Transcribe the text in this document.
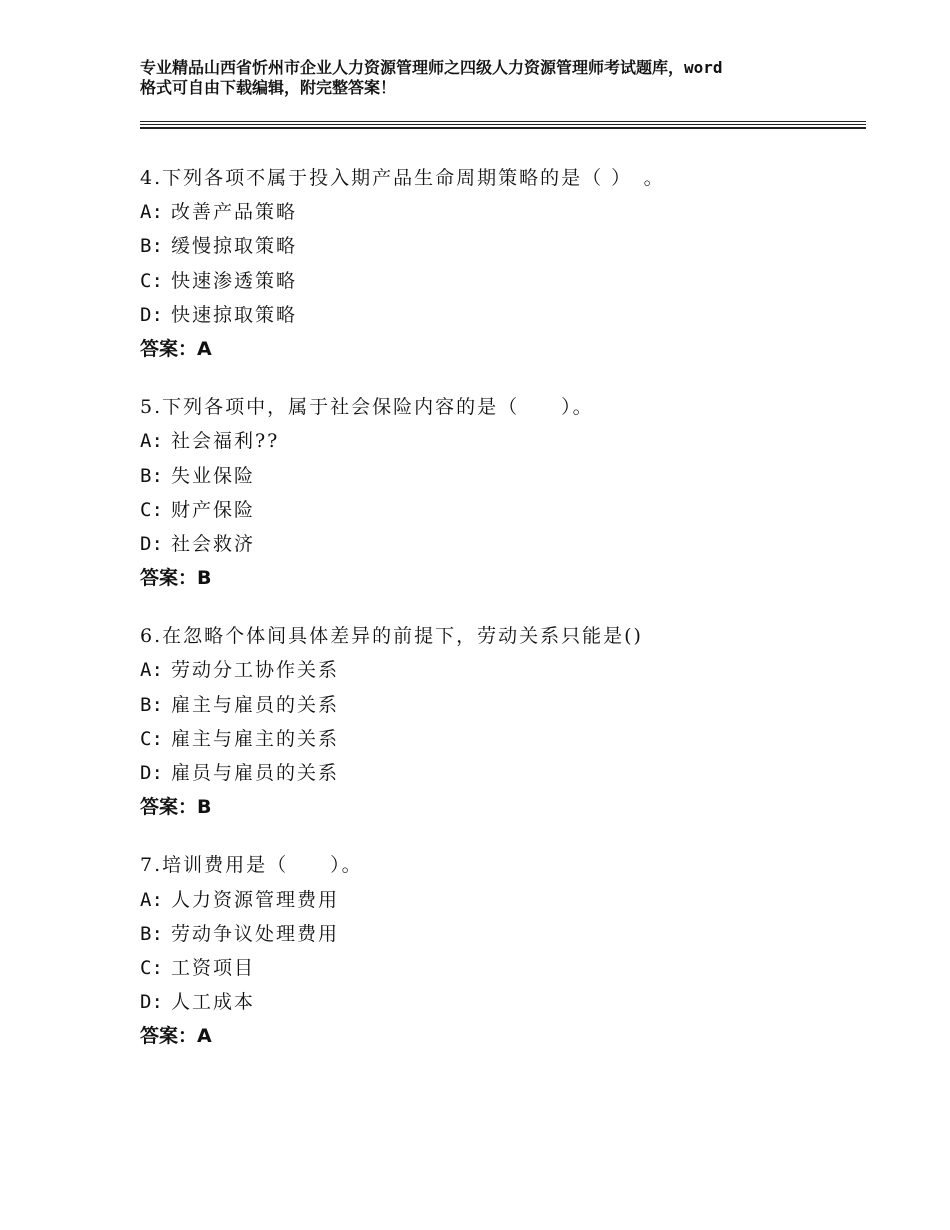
专业精品山西省忻州市企业人力资源管理师之四级人力资源管理师考试题库，word
格式可自由下载编辑，附完整答案！
4.下列各项不属于投入期产品生命周期策略的是（ ）　。
A: 改善产品策略
B: 缓慢掠取策略
C: 快速渗透策略
D: 快速掠取策略
答案：A
5.下列各项中，属于社会保险内容的是（　　）。
A: 社会福利??
B: 失业保险
C: 财产保险
D: 社会救济
答案：B
6.在忽略个体间具体差异的前提下，劳动关系只能是()
A: 劳动分工协作关系
B: 雇主与雇员的关系
C: 雇主与雇主的关系
D: 雇员与雇员的关系
答案：B
7.培训费用是（　　）。
A: 人力资源管理费用
B: 劳动争议处理费用
C: 工资项目
D: 人工成本
答案：A
